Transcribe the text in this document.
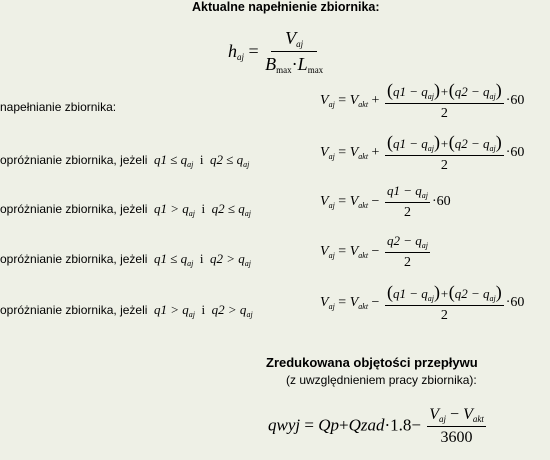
Aktualne napełnienie zbiornika:
haj = $\frac{\text{Vaj}}{Bmax\cdot Lmax}$
napełnianie zbiornika:	$V_{aj} = V_{akt} + \frac{(q1 - q_{aj})+(q2 - q_{aj})}{2} \cdot 60$
opróżnianie zbiornika, jeżeli  $q1 \le q_{aj}$ i  $q2 \le q_{aj}$
$V_{aj} = V_{akt} + \frac{(q1 - q_{aj})+(q2 - q_{aj})}{2} \cdot 60$
opróżnianie zbiornika, jeżeli  $q1 > q_{aj}$ i  $q2 \le q_{aj}$
$V_{aj} = V_{akt} - \frac{q1 - q_{aj}}{2} \cdot 60$
opróżnianie zbiornika, jeżeli  $q1 \le q_{aj}$ i  $q2 > q_{aj}$
$V_{aj} = V_{akt} - \frac{q2 - q_{aj}}{2}$
opróżnianie zbiornika, jeżeli  $q1 > q_{aj}$ i  $q2 > q_{aj}$
$V_{aj} = V_{akt} - \frac{(q1 - q_{aj})+(q2 - q_{aj})}{2} \cdot 60$
Zredukowana objętości przepływu
(z uwzględnieniem pracy zbiornika):
qwyj = Qp+Qzad·1.8− $\frac{\text{Vaj − Vakt}}{3600}$
